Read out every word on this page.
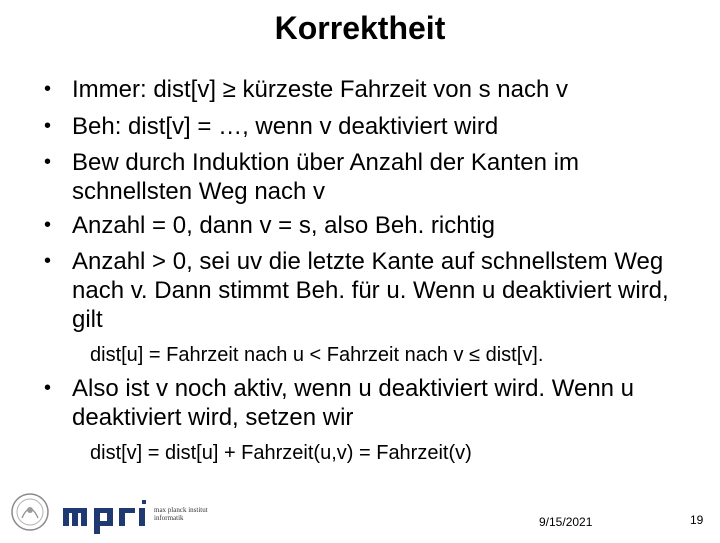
Korrektheit
• Immer: dist[v] ≥ kürzeste Fahrzeit von s nach v
• Beh: dist[v] = …, wenn v deaktiviert wird
• Bew durch Induktion über Anzahl der Kanten im schnellsten Weg nach v
• Anzahl = 0, dann v = s, also Beh. richtig
• Anzahl > 0, sei uv die letzte Kante auf schnellstem Weg nach v. Dann stimmt Beh. für u. Wenn u deaktiviert wird, gilt
dist[u] = Fahrzeit nach u < Fahrzeit nach v ≤ dist[v].
• Also ist v noch aktiv, wenn u deaktiviert wird. Wenn u deaktiviert wird, setzen wir
dist[v] = dist[u] + Fahrzeit(u,v) = Fahrzeit(v)
max planck institut
informatik	9/15/2021	19
